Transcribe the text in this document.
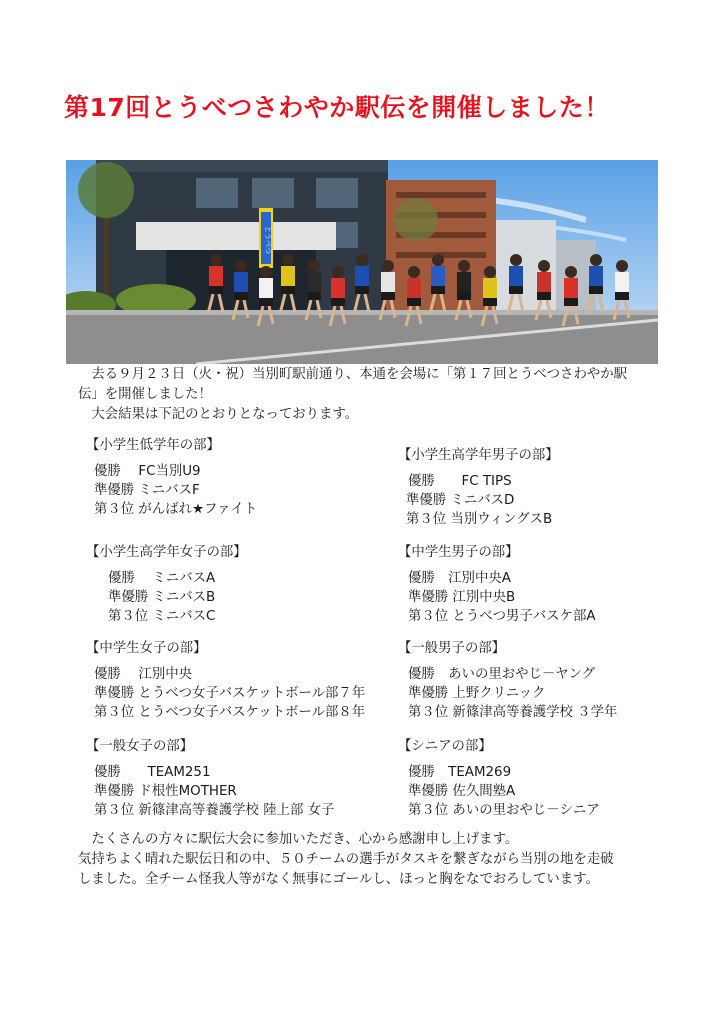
第17回とうべつさわやか駅伝を開催しました！
とうべつ

去る９月２３日（火・祝）当別町駅前通り、本通を会場に「第１７回とうべつさわやか駅

伝」を開催しました！

大会結果は下記のとおりとなっております。

【小学生低学年の部】
優勝　 FC当別U9
準優勝 ミニバスF
第３位 がんばれ★ファイト
【小学生高学年男子の部】
優勝　　FC TIPS
準優勝 ミニバスD
第３位 当別ウィングスB
【小学生高学年女子の部】
優勝　 ミニバスA
準優勝 ミニバスB
第３位 ミニバスC
【中学生男子の部】
優勝　江別中央A
準優勝 江別中央B
第３位 とうべつ男子バスケ部A
【中学生女子の部】
優勝　 江別中央
準優勝 とうべつ女子バスケットボール部７年
第３位 とうべつ女子バスケットボール部８年
【一般男子の部】
優勝　あいの里おやじ－ヤング
準優勝 上野クリニック
第３位 新篠津高等養護学校 ３学年
【一般女子の部】
優勝　　TEAM251
準優勝 ド根性MOTHER
第３位 新篠津高等養護学校 陸上部 女子
【シニアの部】
優勝　TEAM269
準優勝 佐久間塾A
第３位 あいの里おやじ－シニア

たくさんの方々に駅伝大会に参加いただき、心から感謝申し上げます。

気持ちよく晴れた駅伝日和の中、５０チームの選手がタスキを繋ぎながら当別の地を走破

しました。全チーム怪我人等がなく無事にゴールし、ほっと胸をなでおろしています。
